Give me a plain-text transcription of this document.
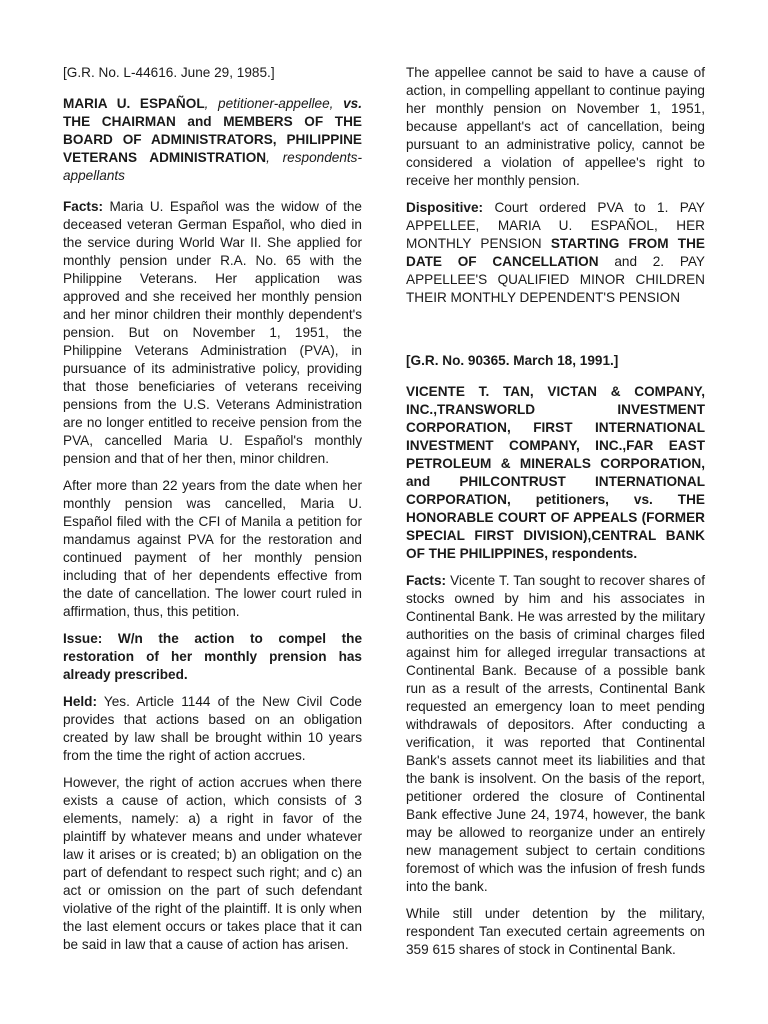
[G.R. No. L-44616. June 29, 1985.]

MARIA U. ESPAÑOL, petitioner-appellee, vs. THE CHAIRMAN and MEMBERS OF THE BOARD OF ADMINISTRATORS, PHILIPPINE VETERANS ADMINISTRATION, respondents-appellants

Facts: Maria U. Español was the widow of the deceased veteran German Español, who died in the service during World War II. She applied for monthly pension under R.A. No. 65 with the Philippine Veterans. Her application was approved and she received her monthly pension and her minor children their monthly dependent's pension. But on November 1, 1951, the Philippine Veterans Administration (PVA), in pursuance of its administrative policy, providing that those beneficiaries of veterans receiving pensions from the U.S. Veterans Administration are no longer entitled to receive pension from the PVA, cancelled Maria U. Español's monthly pension and that of her then, minor children.

After more than 22 years from the date when her monthly pension was cancelled, Maria U. Español filed with the CFI of Manila a petition for mandamus against PVA for the restoration and continued payment of her monthly pension including that of her dependents effective from the date of cancellation. The lower court ruled in affirmation, thus, this petition.

Issue: W/n the action to compel the restoration of her monthly prension has already prescribed.

Held: Yes. Article 1144 of the New Civil Code provides that actions based on an obligation created by law shall be brought within 10 years from the time the right of action accrues.

However, the right of action accrues when there exists a cause of action, which consists of 3 elements, namely: a) a right in favor of the plaintiff by whatever means and under whatever law it arises or is created; b) an obligation on the part of defendant to respect such right; and c) an act or omission on the part of such defendant violative of the right of the plaintiff. It is only when the last element occurs or takes place that it can be said in law that a cause of action has arisen.

The appellee cannot be said to have a cause of action, in compelling appellant to continue paying her monthly pension on November 1, 1951, because appellant's act of cancellation, being pursuant to an administrative policy, cannot be considered a violation of appellee's right to receive her monthly pension.

Dispositive: Court ordered PVA to 1. PAY APPELLEE, MARIA U. ESPAÑOL, HER MONTHLY PENSION STARTING FROM THE DATE OF CANCELLATION and 2. PAY APPELLEE'S QUALIFIED MINOR CHILDREN THEIR MONTHLY DEPENDENT'S PENSION

[G.R. No. 90365. March 18, 1991.]

VICENTE T. TAN, VICTAN & COMPANY, INC.,TRANSWORLD INVESTMENT CORPORATION, FIRST INTERNATIONAL INVESTMENT COMPANY, INC.,FAR EAST PETROLEUM & MINERALS CORPORATION, and PHILCONTRUST INTERNATIONAL CORPORATION, petitioners, vs. THE HONORABLE COURT OF APPEALS (FORMER SPECIAL FIRST DIVISION),CENTRAL BANK OF THE PHILIPPINES, respondents.

Facts: Vicente T. Tan sought to recover shares of stocks owned by him and his associates in Continental Bank. He was arrested by the military authorities on the basis of criminal charges filed against him for alleged irregular transactions at Continental Bank. Because of a possible bank run as a result of the arrests, Continental Bank requested an emergency loan to meet pending withdrawals of depositors. After conducting a verification, it was reported that Continental Bank's assets cannot meet its liabilities and that the bank is insolvent. On the basis of the report, petitioner ordered the closure of Continental Bank effective June 24, 1974, however, the bank may be allowed to reorganize under an entirely new management subject to certain conditions foremost of which was the infusion of fresh funds into the bank.

While still under detention by the military, respondent Tan executed certain agreements on 359 615 shares of stock in Continental Bank.
